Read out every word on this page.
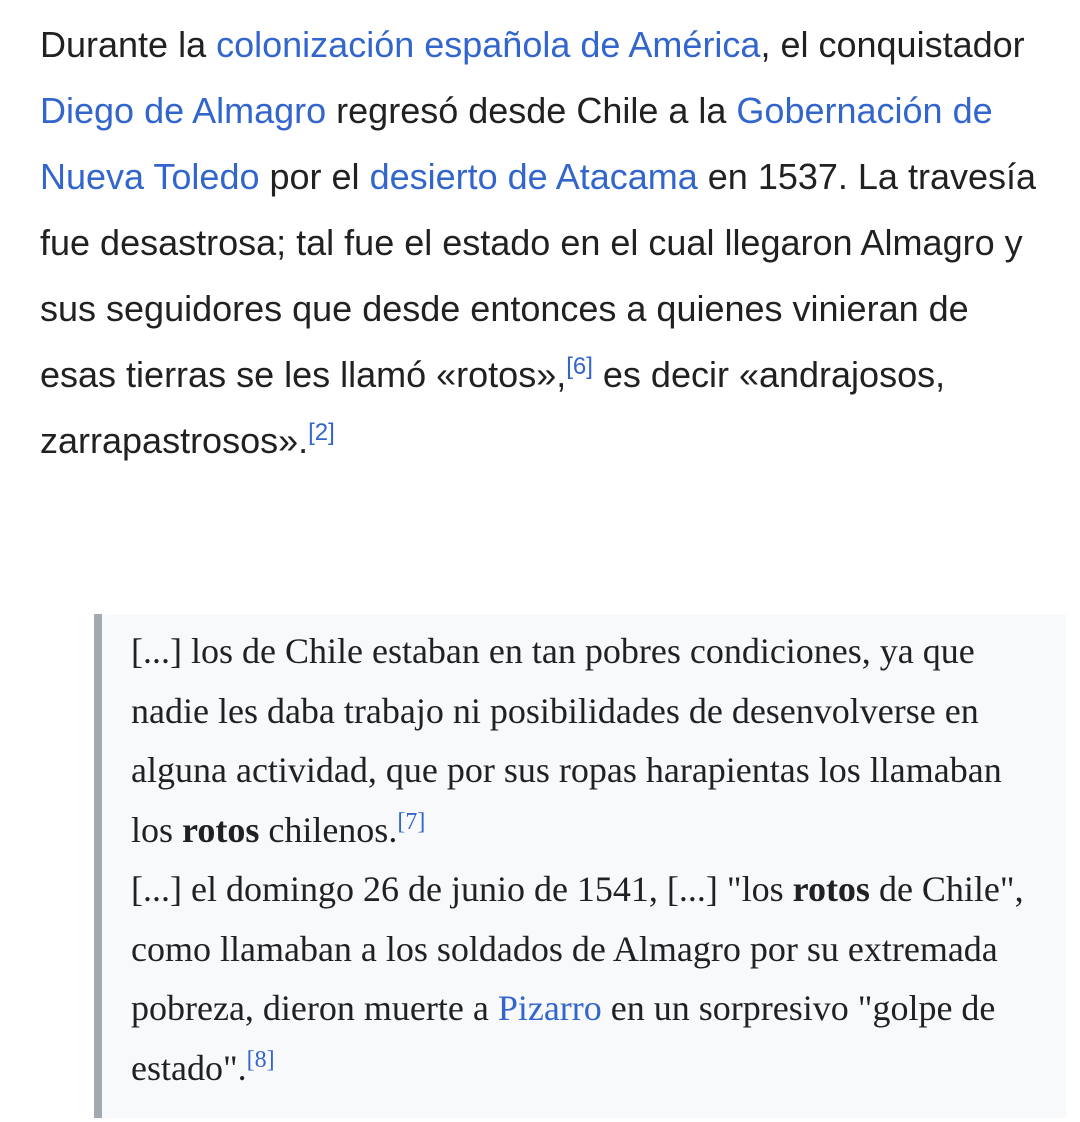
Durante la colonización española de América, el conquistador Diego de Almagro regresó desde Chile a la Gobernación de Nueva Toledo por el desierto de Atacama en 1537. La travesía fue desastrosa; tal fue el estado en el cual llegaron Almagro y sus seguidores que desde entonces a quienes vinieran de esas tierras se les llamó «rotos»,[6] es decir «andrajosos, zarrapastrosos».[2]

[...] los de Chile estaban en tan pobres condiciones, ya que nadie les daba trabajo ni posibilidades de desenvolverse en alguna actividad, que por sus ropas harapientas los llamaban los rotos chilenos.[7]
[...] el domingo 26 de junio de 1541, [...] "los rotos de Chile", como llamaban a los soldados de Almagro por su extremada pobreza, dieron muerte a Pizarro en un sorpresivo "golpe de estado".[8]
